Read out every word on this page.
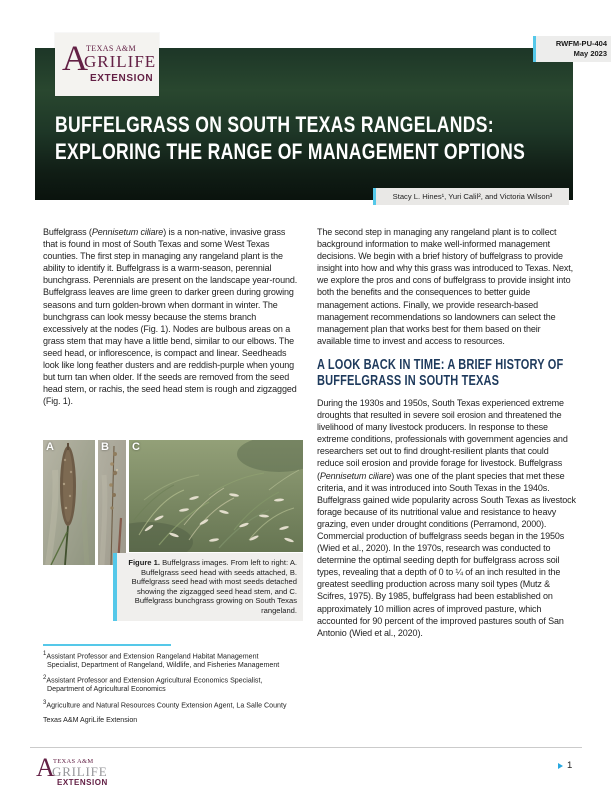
BUFFELGRASS ON SOUTH TEXAS RANGELANDS:
EXPLORING THE RANGE OF MANAGEMENT OPTIONS
A
TEXAS A&M
GRILIFE
EXTENSION
RWFM-PU-404
May 2023
Stacy L. Hines¹, Yuri Calil², and Victoria Wilson³

Buffelgrass (Pennisetum ciliare) is a non-native, invasive grass that is found in most of South Texas and some West Texas counties. The first step in managing any rangeland plant is the ability to identify it. Buffelgrass is a warm-season, perennial bunchgrass. Perennials are present on the landscape year-round. Buffelgrass leaves are lime green to darker green during growing seasons and turn golden-brown when dormant in winter. The bunchgrass can look messy because the stems branch excessively at the nodes (Fig. 1). Nodes are bulbous areas on a grass stem that may have a little bend, similar to our elbows. The seed head, or inflorescence, is compact and linear. Seedheads look like long feather dusters and are reddish-purple when young but turn tan when older. If the seeds are removed from the seed head stem, or rachis, the seed head stem is rough and zigzagged (Fig. 1).

The second step in managing any rangeland plant is to collect background information to make well-informed management decisions. We begin with a brief history of buffelgrass to provide insight into how and why this grass was introduced to Texas. Next, we explore the pros and cons of buffelgrass to provide insight into both the benefits and the consequences to better guide management actions. Finally, we provide research-based management recommendations so landowners can select the management plan that works best for them based on their available time to invest and access to resources.

A LOOK BACK IN TIME: A BRIEF HISTORY OF
BUFFELGRASS IN SOUTH TEXAS

During the 1930s and 1950s, South Texas experienced extreme droughts that resulted in severe soil erosion and threatened the livelihood of many livestock producers. In response to these extreme conditions, professionals with government agencies and researchers set out to find drought-resilient plants that could reduce soil erosion and provide forage for livestock. Buffelgrass (Pennisetum ciliare) was one of the plant species that met these criteria, and it was introduced into South Texas in the 1940s. Buffelgrass gained wide popularity across South Texas as livestock forage because of its nutritional value and resistance to heavy grazing, even under drought conditions (Perramond, 2000). Commercial production of buffelgrass seeds began in the 1950s (Wied et al., 2020). In the 1970s, research was conducted to determine the optimal seeding depth for buffelgrass across soil types, revealing that a depth of 0 to ¼ of an inch resulted in the greatest seedling production across many soil types (Mutz & Scifres, 1975). By 1985, buffelgrass had been established on approximately 10 million acres of improved pasture, which accounted for 90 percent of the improved pastures south of San Antonio (Wied et al., 2020).

A	B C
Figure 1. Buffelgrass images. From left to right: A. Buffelgrass seed head with seeds attached, B. Buffelgrass seed head with most seeds detached showing the zigzagged seed head stem, and C. Buffelgrass bunchgrass growing on South Texas rangeland.

$^1$Assistant Professor and Extension Rangeland Habitat Management Specialist, Department of Rangeland, Wildlife, and Fisheries Management

$^2$Assistant Professor and Extension Agricultural Economics Specialist, Department of Agricultural Economics

$^3$Agriculture and Natural Resources County Extension Agent, La Salle County

Texas A&M AgriLife Extension

A
TEXAS A&M
GRILIFE
EXTENSION
1
